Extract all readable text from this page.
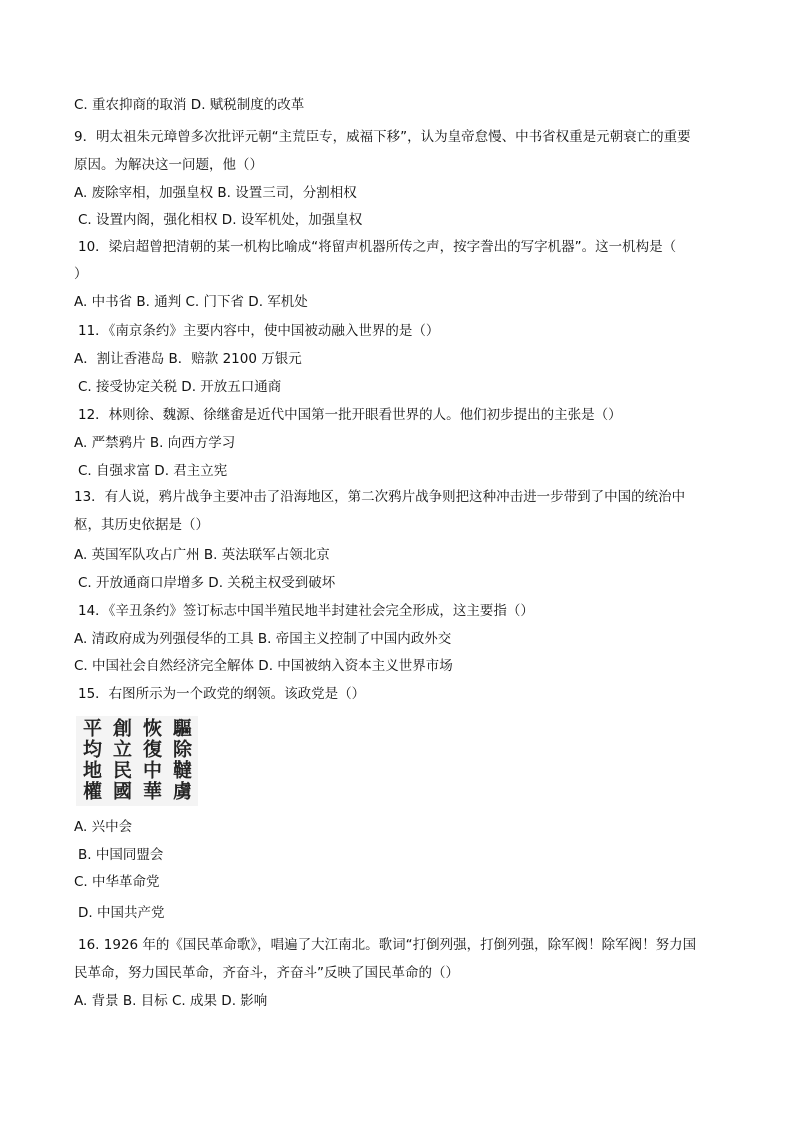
C. 重农抑商的取消 D. 赋税制度的改革
9．明太祖朱元璋曾多次批评元朝“主荒臣专，威福下移”，认为皇帝怠慢、中书省权重是元朝衰亡的重要
原因。为解决这一问题，他（）
A. 废除宰相，加强皇权 B. 设置三司，分割相权
C. 设置内阁，强化相权 D. 设军机处，加强皇权
10．梁启超曾把清朝的某一机构比喻成“将留声机器所传之声，按字誊出的写字机器”。这一机构是（
）
A. 中书省 B. 通判 C. 门下省 D. 军机处
11．《南京条约》主要内容中，使中国被动融入世界的是（）
A．割让香港岛 B．赔款 2100 万银元
C. 接受协定关税 D. 开放五口通商
12．林则徐、魏源、徐继畬是近代中国第一批开眼看世界的人。他们初步提出的主张是（）
A. 严禁鸦片 B. 向西方学习
C. 自强求富 D. 君主立宪
13．有人说，鸦片战争主要冲击了沿海地区，第二次鸦片战争则把这种冲击进一步带到了中国的统治中
枢，其历史依据是（）
A. 英国军队攻占广州 B. 英法联军占领北京
C. 开放通商口岸增多 D. 关税主权受到破坏
14．《辛丑条约》签订标志中国半殖民地半封建社会完全形成，这主要指（）
A. 清政府成为列强侵华的工具 B. 帝国主义控制了中国内政外交
C. 中国社会自然经济完全解体 D. 中国被纳入资本主义世界市场
15．右图所示为一个政党的纲领。该政党是（）
平均地權 創立民國 恢復中華 驅除韃虜
A. 兴中会
B. 中国同盟会
C. 中华革命党
D. 中国共产党
16. 1926 年的《国民革命歌》，唱遍了大江南北。歌词“打倒列强，打倒列强，除军阀！除军阀！努力国
民革命，努力国民革命，齐奋斗，齐奋斗”反映了国民革命的（）
A. 背景 B. 目标 C. 成果 D. 影响
